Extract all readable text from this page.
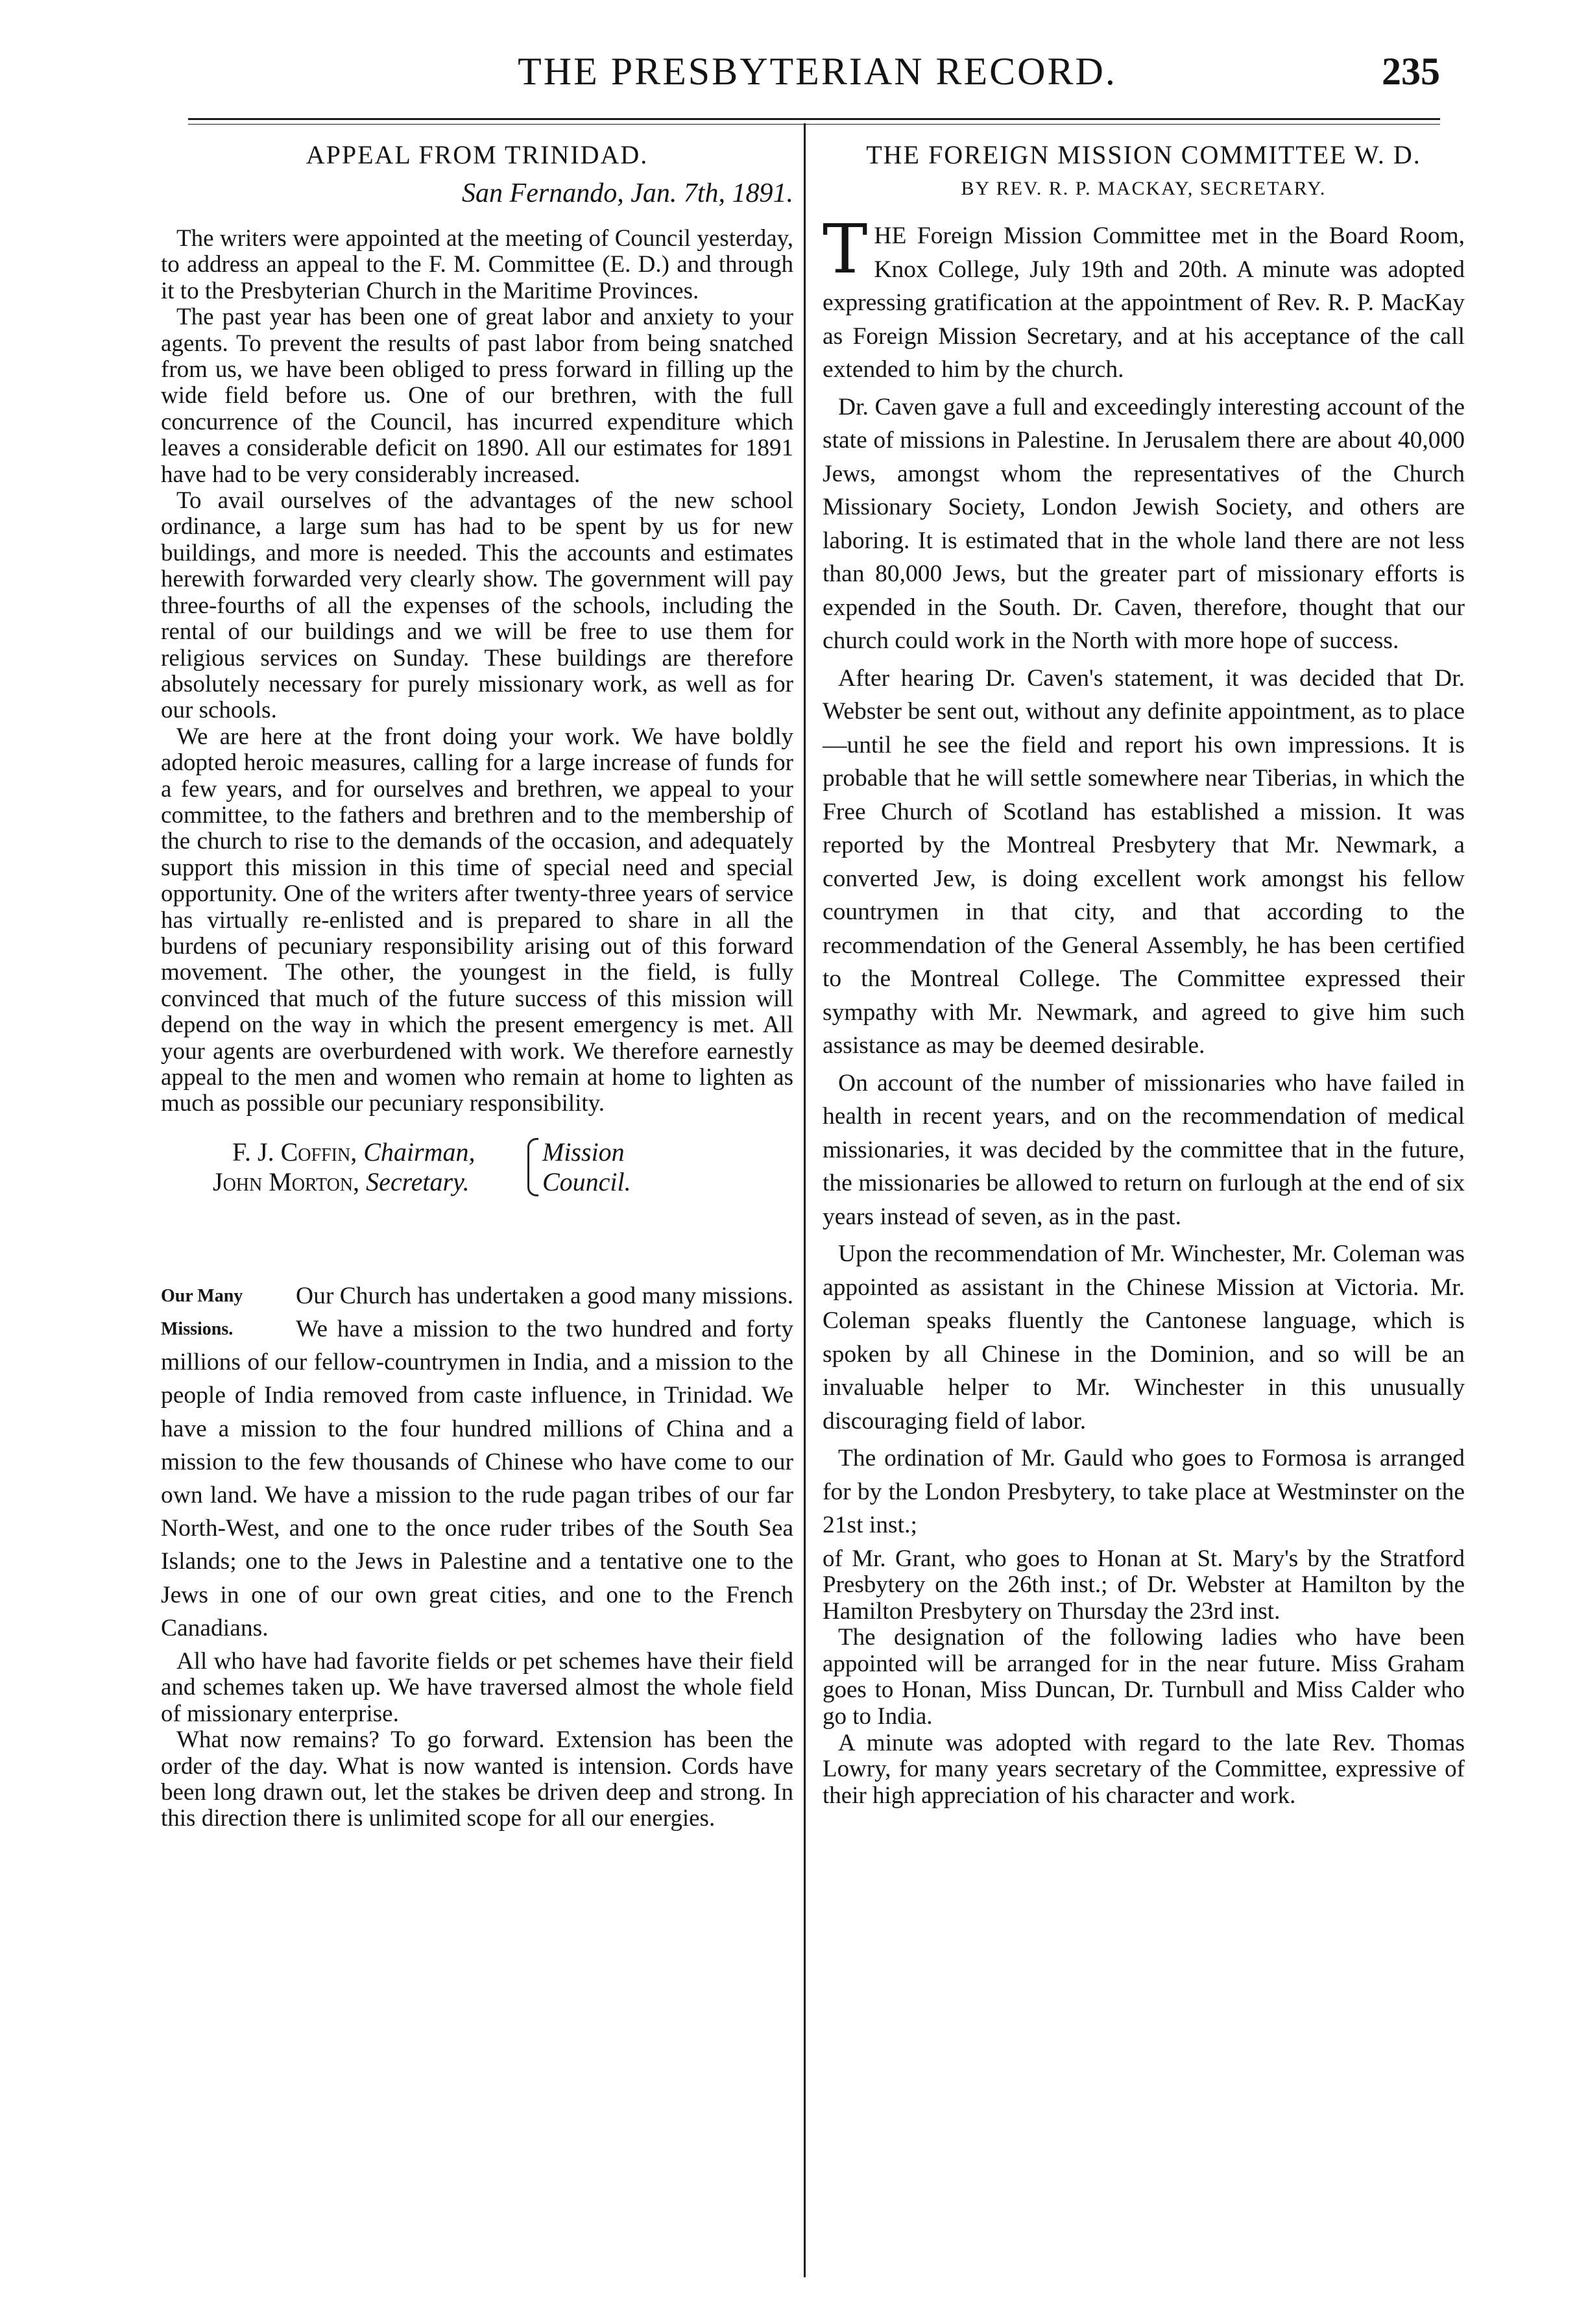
THE PRESBYTERIAN RECORD.	235
APPEAL FROM TRINIDAD.
San Fernando, Jan. 7th, 1891.

The writers were appointed at the meeting of Council yesterday, to address an appeal to the F. M. Committee (E. D.) and through it to the Presbyterian Church in the Maritime Provinces.

The past year has been one of great labor and anxiety to your agents. To prevent the results of past labor from being snatched from us, we have been obliged to press forward in filling up the wide field before us. One of our brethren, with the full concurrence of the Council, has incurred expenditure which leaves a considerable deficit on 1890. All our estimates for 1891 have had to be very considerably increased.

To avail ourselves of the advantages of the new school ordinance, a large sum has had to be spent by us for new buildings, and more is needed. This the accounts and estimates herewith forwarded very clearly show. The government will pay three-fourths of all the expenses of the schools, including the rental of our buildings and we will be free to use them for religious services on Sunday. These buildings are therefore absolutely necessary for purely missionary work, as well as for our schools.

We are here at the front doing your work. We have boldly adopted heroic measures, calling for a large increase of funds for a few years, and for ourselves and brethren, we appeal to your committee, to the fathers and brethren and to the membership of the church to rise to the demands of the occasion, and adequately support this mission in this time of special need and special opportunity. One of the writers after twenty-three years of service has virtually re-enlisted and is prepared to share in all the burdens of pecuniary responsibility arising out of this forward movement. The other, the youngest in the field, is fully convinced that much of the future success of this mission will depend on the way in which the present emergency is met. All your agents are overburdened with work. We therefore earnestly appeal to the men and women who remain at home to lighten as much as possible our pecuniary responsibility.

F. J. Coffin, Chairman,
John Morton, Secretary.
Mission
Council.
Our Many
Missions.

Our Church has undertaken a good many missions. We have a mission to the two hundred and forty millions of our fellow-countrymen in India, and a mission to the people of India removed from caste influence, in Trinidad. We have a mission to the four hundred millions of China and a mission to the few thousands of Chinese who have come to our own land. We have a mission to the rude pagan tribes of our far North-West, and one to the once ruder tribes of the South Sea Islands; one to the Jews in Palestine and a tentative one to the Jews in one of our own great cities, and one to the French Canadians.

All who have had favorite fields or pet schemes have their field and schemes taken up. We have traversed almost the whole field of missionary enterprise.

What now remains? To go forward. Extension has been the order of the day. What is now wanted is intension. Cords have been long drawn out, let the stakes be driven deep and strong. In this direction there is unlimited scope for all our energies.

THE FOREIGN MISSION COMMITTEE W. D.
BY REV. R. P. MACKAY, SECRETARY.

THE Foreign Mission Committee met in the Board Room, Knox College, July 19th and 20th. A minute was adopted expressing gratification at the appointment of Rev. R. P. MacKay as Foreign Mission Secretary, and at his acceptance of the call extended to him by the church.

Dr. Caven gave a full and exceedingly interesting account of the state of missions in Palestine. In Jerusalem there are about 40,000 Jews, amongst whom the representatives of the Church Missionary Society, London Jewish Society, and others are laboring. It is estimated that in the whole land there are not less than 80,000 Jews, but the greater part of missionary efforts is expended in the South. Dr. Caven, therefore, thought that our church could work in the North with more hope of success.

After hearing Dr. Caven's statement, it was decided that Dr. Webster be sent out, without any definite appointment, as to place—until he see the field and report his own impressions. It is probable that he will settle somewhere near Tiberias, in which the Free Church of Scotland has established a mission. It was reported by the Montreal Presbytery that Mr. Newmark, a converted Jew, is doing excellent work amongst his fellow countrymen in that city, and that according to the recommendation of the General Assembly, he has been certified to the Montreal College. The Committee expressed their sympathy with Mr. Newmark, and agreed to give him such assistance as may be deemed desirable.

On account of the number of missionaries who have failed in health in recent years, and on the recommendation of medical missionaries, it was decided by the committee that in the future, the missionaries be allowed to return on furlough at the end of six years instead of seven, as in the past.

Upon the recommendation of Mr. Winchester, Mr. Coleman was appointed as assistant in the Chinese Mission at Victoria. Mr. Coleman speaks fluently the Cantonese language, which is spoken by all Chinese in the Dominion, and so will be an invaluable helper to Mr. Winchester in this unusually discouraging field of labor.

The ordination of Mr. Gauld who goes to Formosa is arranged for by the London Presbytery, to take place at Westminster on the 21st inst.;

of Mr. Grant, who goes to Honan at St. Mary's by the Stratford Presbytery on the 26th inst.; of Dr. Webster at Hamilton by the Hamilton Presbytery on Thursday the 23rd inst.

The designation of the following ladies who have been appointed will be arranged for in the near future. Miss Graham goes to Honan, Miss Duncan, Dr. Turnbull and Miss Calder who go to India.

A minute was adopted with regard to the late Rev. Thomas Lowry, for many years secretary of the Committee, expressive of their high appreciation of his character and work.
